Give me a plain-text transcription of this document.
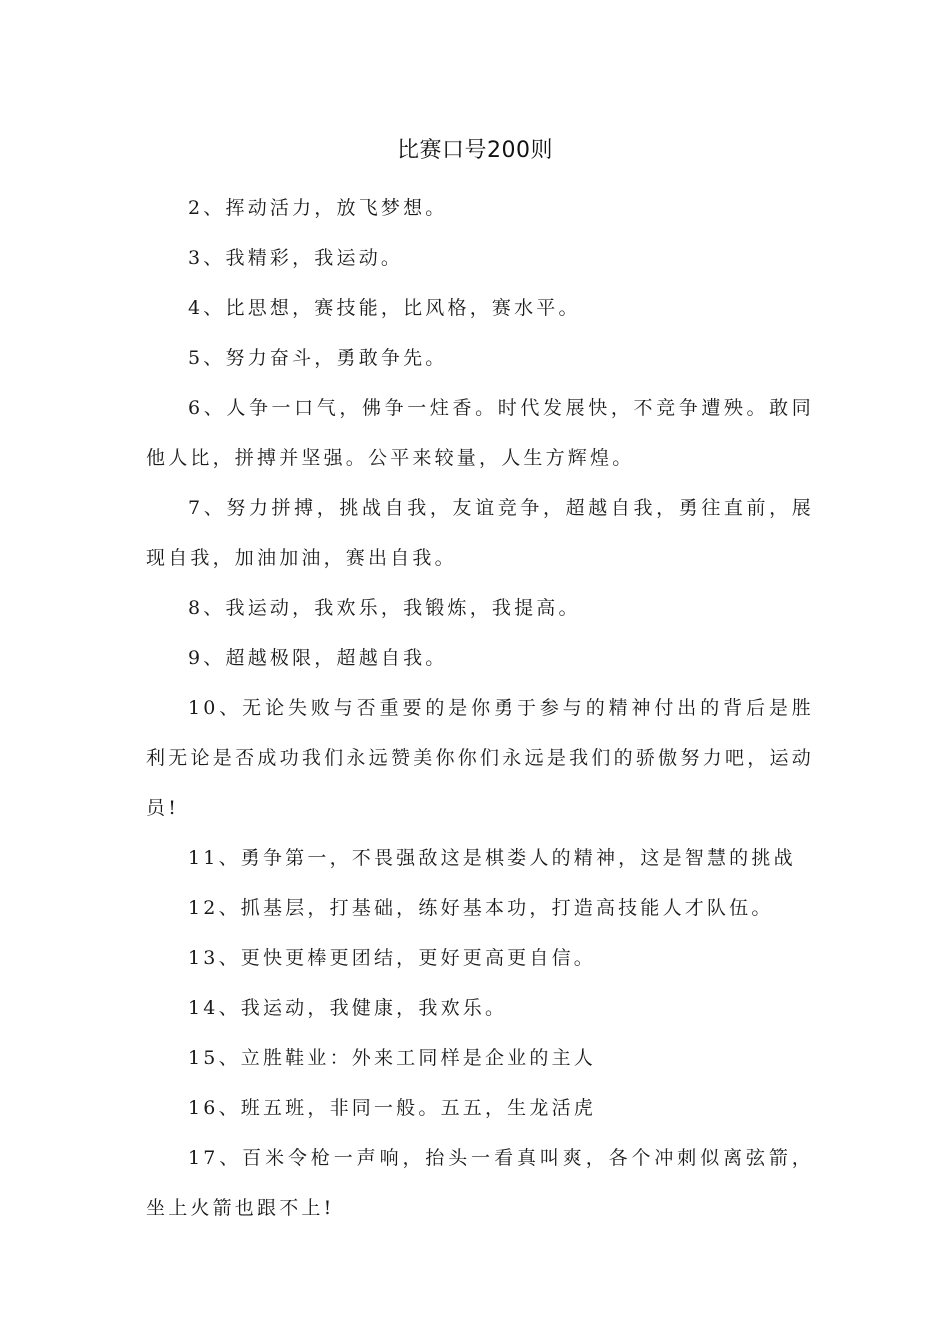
比赛口号200则

2、挥动活力，放飞梦想。

3、我精彩，我运动。

4、比思想，赛技能，比风格，赛水平。

5、努力奋斗，勇敢争先。

6、人争一口气，佛争一炷香。时代发展快，不竞争遭殃。敢同他人比，拼搏并坚强。公平来较量，人生方辉煌。

7、努力拼搏，挑战自我，友谊竞争，超越自我，勇往直前，展现自我，加油加油，赛出自我。

8、我运动，我欢乐，我锻炼，我提高。

9、超越极限，超越自我。

10、无论失败与否重要的是你勇于参与的精神付出的背后是胜利无论是否成功我们永远赞美你你们永远是我们的骄傲努力吧，运动员!

11、勇争第一，不畏强敌这是棋娄人的精神，这是智慧的挑战

12、抓基层，打基础，练好基本功，打造高技能人才队伍。

13、更快更棒更团结，更好更高更自信。

14、我运动，我健康，我欢乐。

15、立胜鞋业：外来工同样是企业的主人

16、班五班，非同一般。五五，生龙活虎

17、百米令枪一声响，抬头一看真叫爽，各个冲刺似离弦箭，坐上火箭也跟不上!
